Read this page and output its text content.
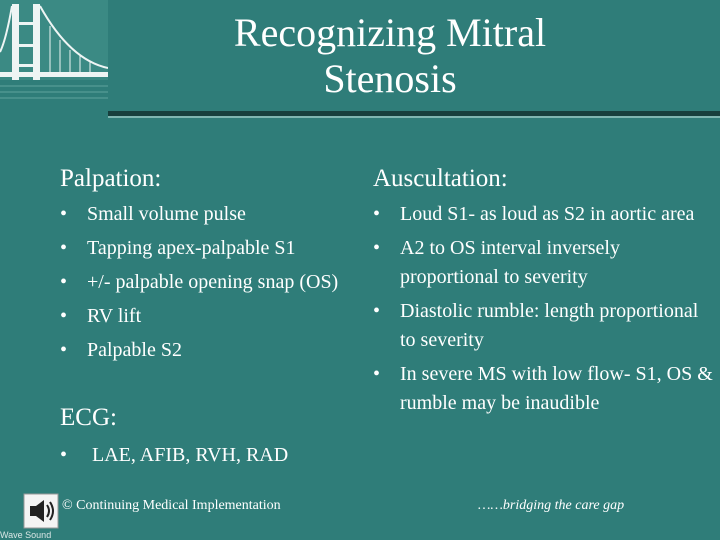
Recognizing Mitral
Stenosis
Palpation:
• Small volume pulse
• Tapping apex-palpable S1
• +/- palpable opening snap (OS)
• RV lift
• Palpable S2
ECG:
•  LAE, AFIB, RVH, RAD
Auscultation:
• Loud S1- as loud as S2 in aortic area
• A2 to OS interval inversely proportional to severity
• Diastolic rumble: length proportional to severity
• In severe MS with low flow- S1, OS & rumble may be inaudible
Wave Sound
© Continuing Medical Implementation	……bridging the care gap
